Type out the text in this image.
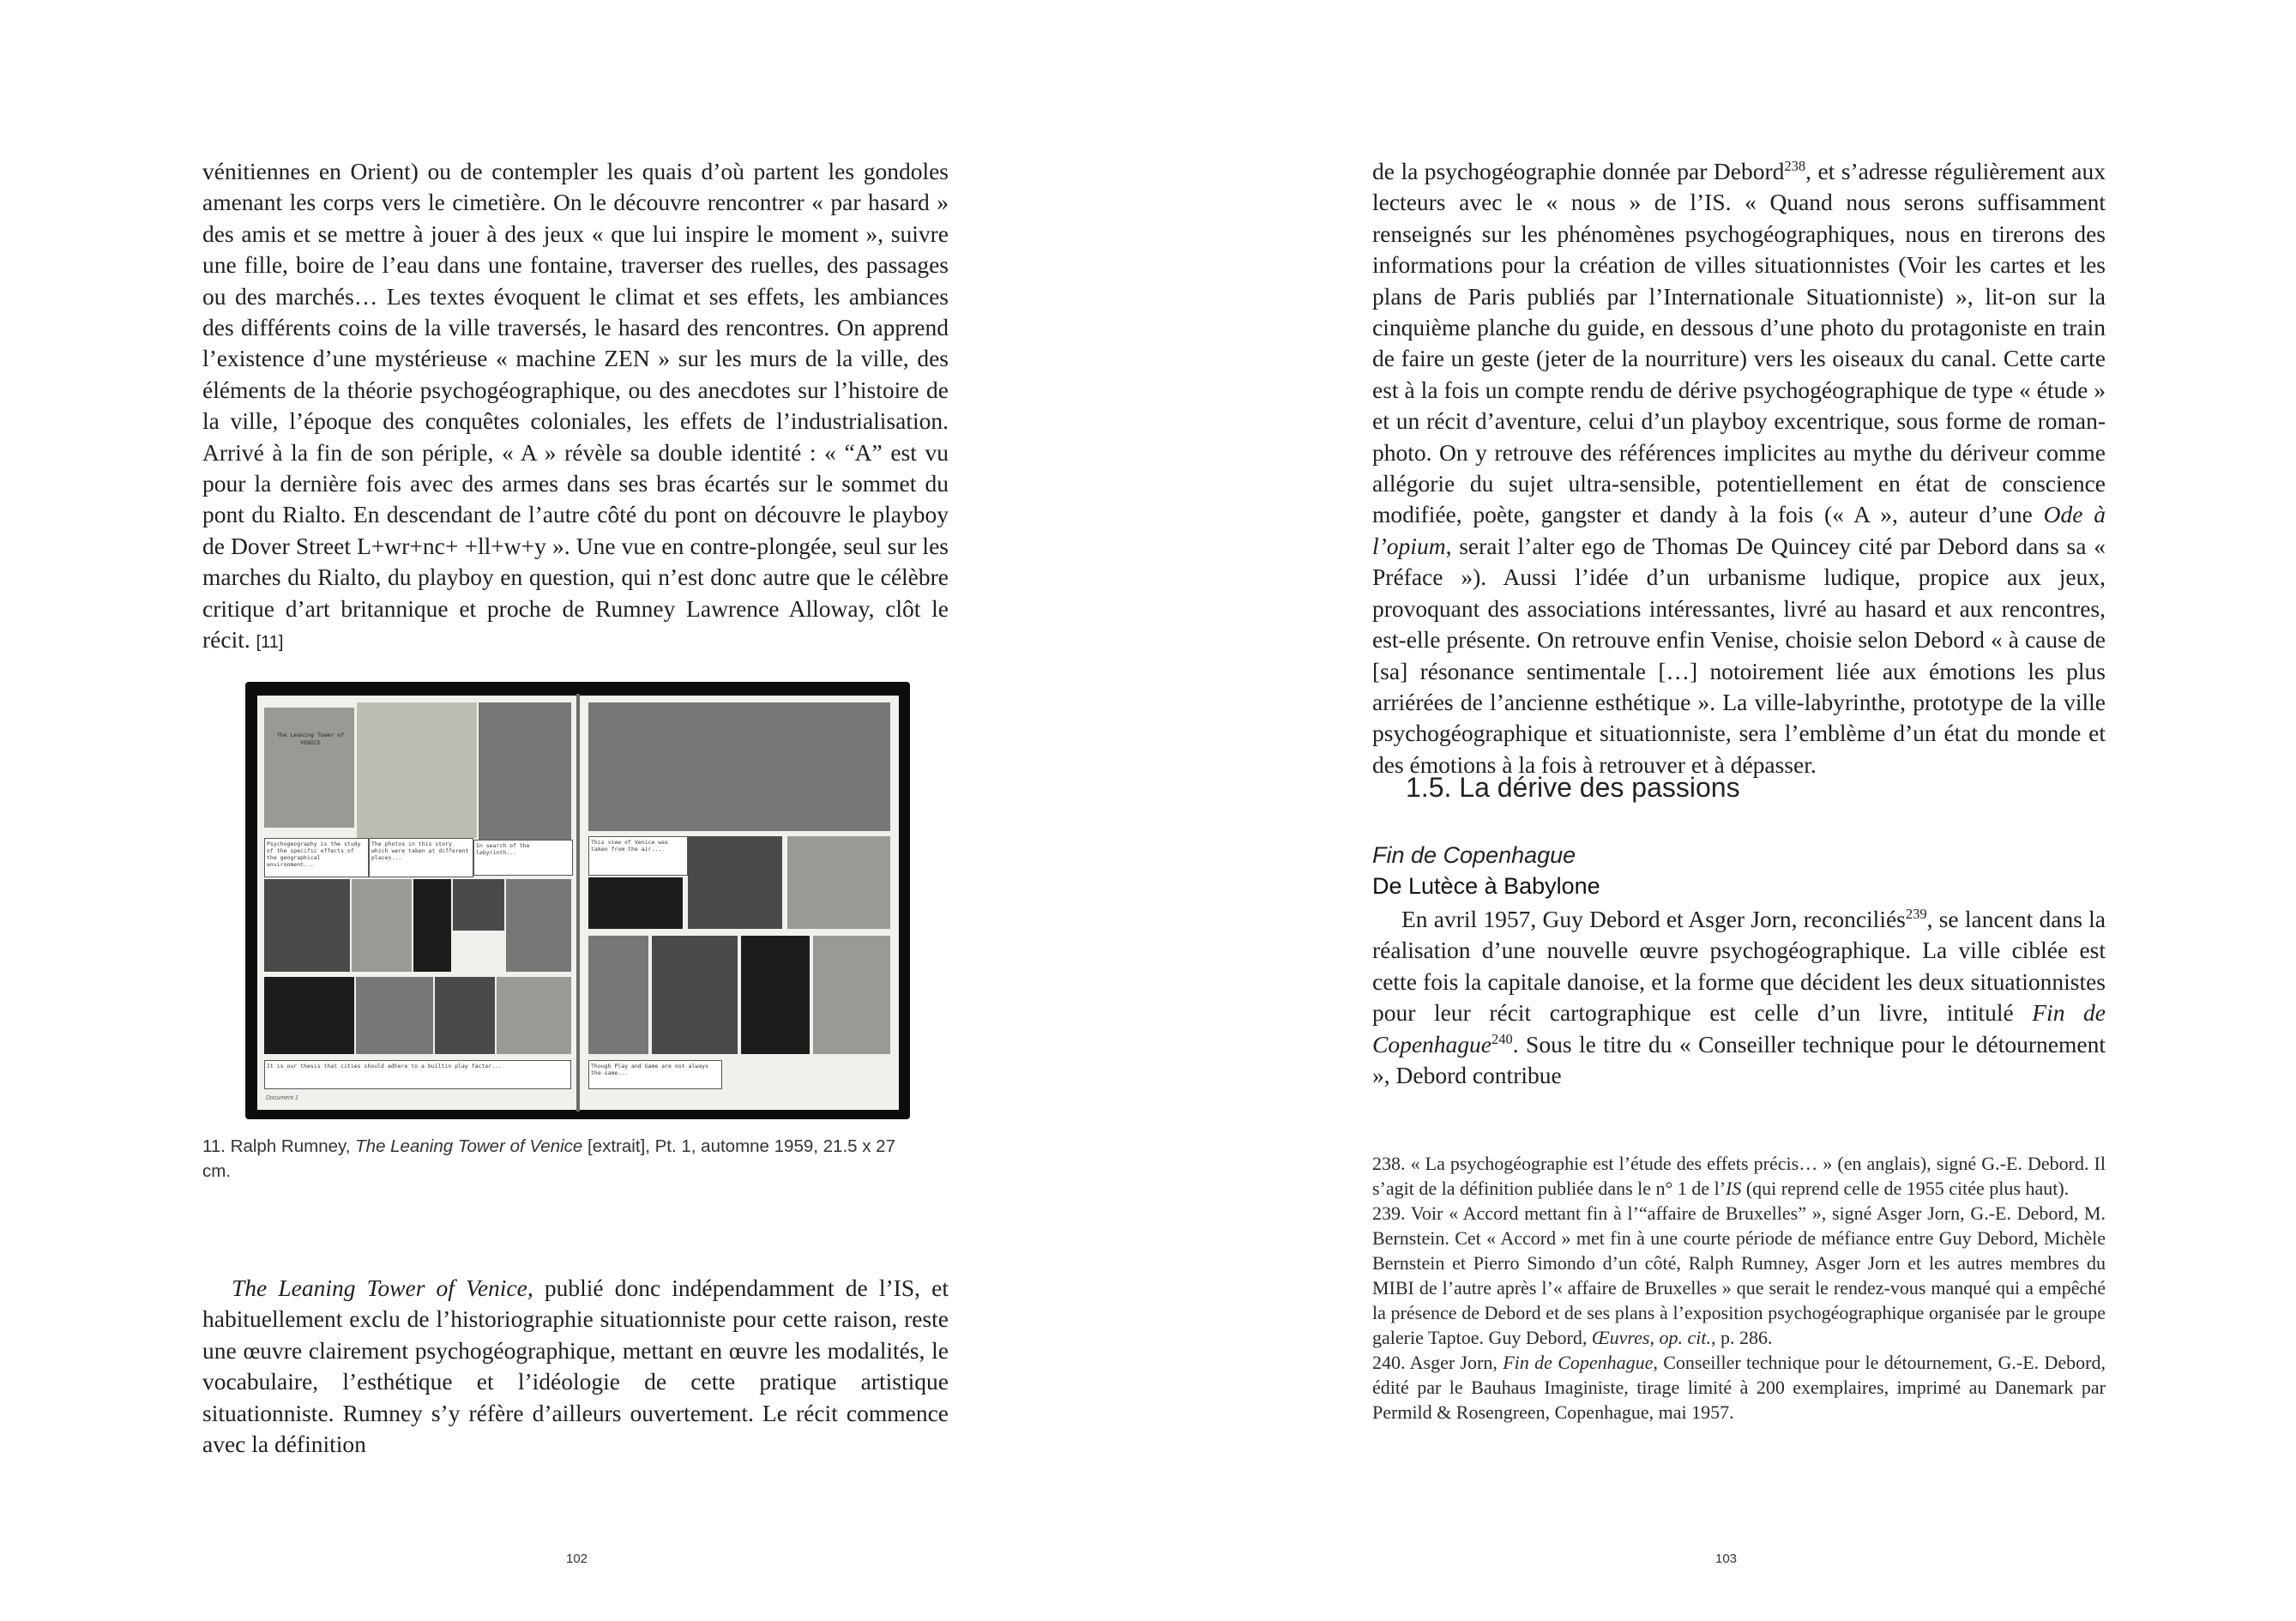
vénitiennes en Orient) ou de contempler les quais d’où partent les gondoles amenant les corps vers le cimetière. On le découvre rencontrer « par hasard » des amis et se mettre à jouer à des jeux « que lui inspire le moment », suivre une fille, boire de l’eau dans une fontaine, traverser des ruelles, des passages ou des marchés… Les textes évoquent le climat et ses effets, les ambiances des différents coins de la ville traversés, le hasard des rencontres. On apprend l’existence d’une mystérieuse « machine ZEN » sur les murs de la ville, des éléments de la théorie psychogéographique, ou des anecdotes sur l’histoire de la ville, l’époque des conquêtes coloniales, les effets de l’industrialisation. Arrivé à la fin de son périple, « A » révèle sa double identité : « “A” est vu pour la dernière fois avec des armes dans ses bras écartés sur le sommet du pont du Rialto. En descendant de l’autre côté du pont on découvre le playboy de Dover Street L+wr+nc+ +ll+w+y ». Une vue en contre-plongée, seul sur les marches du Rialto, du playboy en question, qui n’est donc autre que le célèbre critique d’art britannique et proche de Rumney Lawrence Alloway, clôt le récit. [11]

The Leaning Tower of VENICE
Psychogeography is the study of the specific effects of the geographical environment...
The photos in this story which were taken at different places...
In search of the labyrinth...
It is our thesis that cities should adhere to a builtin play factor...
Document 1
This view of Venice was taken from the air...
Though Play and Game are not always the same...
11. Ralph Rumney, The Leaning Tower of Venice [extrait], Pt. 1, automne 1959, 21.5 x 27 cm.

The Leaning Tower of Venice, publié donc indépendamment de l’IS, et habituellement exclu de l’historiographie situationniste pour cette raison, reste une œuvre clairement psychogéographique, mettant en œuvre les modalités, le vocabulaire, l’esthétique et l’idéologie de cette pratique artistique situationniste. Rumney s’y réfère d’ailleurs ouvertement. Le récit commence avec la définition

102

de la psychogéographie donnée par Debord$^{238}$, et s’adresse régulièrement aux lecteurs avec le « nous » de l’IS. « Quand nous serons suffisamment renseignés sur les phénomènes psychogéographiques, nous en tirerons des informations pour la création de villes situationnistes (Voir les cartes et les plans de Paris publiés par l’Internationale Situationniste) », lit-on sur la cinquième planche du guide, en dessous d’une photo du protagoniste en train de faire un geste (jeter de la nourriture) vers les oiseaux du canal. Cette carte est à la fois un compte rendu de dérive psychogéographique de type « étude » et un récit d’aventure, celui d’un playboy excentrique, sous forme de roman-photo. On y retrouve des références implicites au mythe du dériveur comme allégorie du sujet ultra-sensible, potentiellement en état de conscience modifiée, poète, gangster et dandy à la fois (« A », auteur d’une Ode à l’opium, serait l’alter ego de Thomas De Quincey cité par Debord dans sa « Préface »). Aussi l’idée d’un urbanisme ludique, propice aux jeux, provoquant des associations intéressantes, livré au hasard et aux rencontres, est-elle présente. On retrouve enfin Venise, choisie selon Debord « à cause de [sa] résonance sentimentale […] notoirement liée aux émotions les plus arriérées de l’ancienne esthétique ». La ville-labyrinthe, prototype de la ville psychogéographique et situationniste, sera l’emblème d’un état du monde et des émotions à la fois à retrouver et à dépasser.

1.5. La dérive des passions
Fin de Copenhague
De Lutèce à Babylone

En avril 1957, Guy Debord et Asger Jorn, reconciliés$^{239}$, se lancent dans la réalisation d’une nouvelle œuvre psychogéographique. La ville ciblée est cette fois la capitale danoise, et la forme que décident les deux situationnistes pour leur récit cartographique est celle d’un livre, intitulé Fin de Copenhague$^{240}$. Sous le titre du « Conseiller technique pour le détournement », Debord contribue

238. « La psychogéographie est l’étude des effets précis… » (en anglais), signé G.-E. Debord. Il s’agit de la définition publiée dans le n° 1 de l’IS (qui reprend celle de 1955 citée plus haut).

239. Voir « Accord mettant fin à l’“affaire de Bruxelles” », signé Asger Jorn, G.-E. Debord, M. Bernstein. Cet « Accord » met fin à une courte période de méfiance entre Guy Debord, Michèle Bernstein et Pierro Simondo d’un côté, Ralph Rumney, Asger Jorn et les autres membres du MIBI de l’autre après l’« affaire de Bruxelles » que serait le rendez-vous manqué qui a empêché la présence de Debord et de ses plans à l’exposition psychogéographique organisée par le groupe galerie Taptoe. Guy Debord, Œuvres, op. cit., p. 286.

240. Asger Jorn, Fin de Copenhague, Conseiller technique pour le détournement, G.-E. Debord, édité par le Bauhaus Imaginiste, tirage limité à 200 exemplaires, imprimé au Danemark par Permild & Rosengreen, Copenhague, mai 1957.

103
